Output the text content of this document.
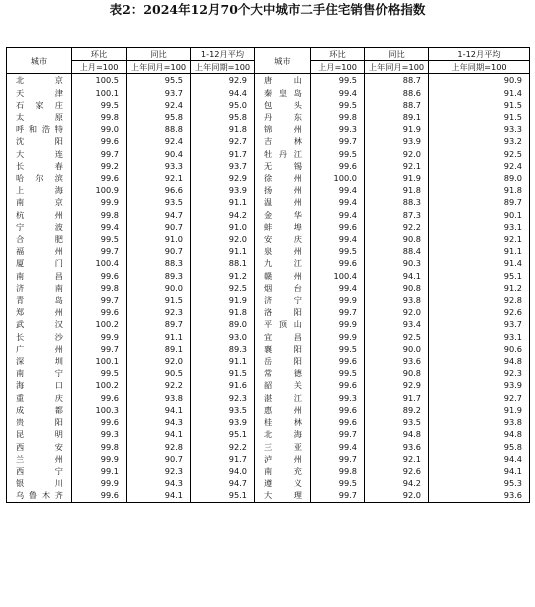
表2：2024年12月70个大中城市二手住宅销售价格指数
城市	环比	同比	1-12月平均	城市	环比	同比	1-12月平均
	上月=100	上年同月=100	上年同期=100		上月=100	上年同月=100	上年同期=100
北京	100.5	95.5	92.9	唐山	99.5	88.7	90.9
天津	100.1	93.7	94.4	秦皇岛	99.4	88.6	91.4
石家庄	99.5	92.4	95.0	包头	99.5	88.7	91.5
太原	99.8	95.8	95.8	丹东	99.8	89.1	91.5
呼和浩特	99.0	88.8	91.8	锦州	99.3	91.9	93.3
沈阳	99.6	92.4	92.7	吉林	99.7	93.9	93.2
大连	99.7	90.4	91.7	牡丹江	99.5	92.0	92.5
长春	99.2	93.3	93.7	无锡	99.6	92.1	92.4
哈尔滨	99.6	92.1	92.9	徐州	100.0	91.9	89.0
上海	100.9	96.6	93.9	扬州	99.4	91.8	91.8
南京	99.9	93.5	91.1	温州	99.4	88.3	89.7
杭州	99.8	94.7	94.2	金华	99.4	87.3	90.1
宁波	99.4	90.7	91.0	蚌埠	99.6	92.2	93.1
合肥	99.5	91.0	92.0	安庆	99.4	90.8	92.1
福州	99.7	90.7	91.1	泉州	99.5	88.4	91.1
厦门	100.4	88.3	88.1	九江	99.6	90.3	91.4
南昌	99.6	89.3	91.2	赣州	100.4	94.1	95.1
济南	99.8	90.0	92.5	烟台	99.4	90.8	91.2
青岛	99.7	91.5	91.9	济宁	99.9	93.8	92.8
郑州	99.6	92.3	91.8	洛阳	99.7	92.0	92.6
武汉	100.2	89.7	89.0	平顶山	99.9	93.4	93.7
长沙	99.9	91.1	93.0	宜昌	99.9	92.5	93.1
广州	99.7	89.1	89.3	襄阳	99.5	90.0	90.6
深圳	100.1	92.0	91.1	岳阳	99.6	93.6	94.8
南宁	99.5	90.5	91.5	常德	99.5	90.8	92.3
海口	100.2	92.2	91.6	韶关	99.6	92.9	93.9
重庆	99.6	93.8	92.3	湛江	99.3	91.7	92.7
成都	100.3	94.1	93.5	惠州	99.6	89.2	91.9
贵阳	99.6	94.3	93.9	桂林	99.6	93.5	93.8
昆明	99.3	94.1	95.1	北海	99.7	94.8	94.8
西安	99.8	92.8	92.2	三亚	99.4	93.6	95.8
兰州	99.9	90.7	91.7	泸州	99.7	92.1	94.4
西宁	99.1	92.3	94.0	南充	99.8	92.6	94.1
银川	99.9	94.3	94.7	遵义	99.5	94.2	95.3
乌鲁木齐	99.6	94.1	95.1	大理	99.7	92.0	93.6
